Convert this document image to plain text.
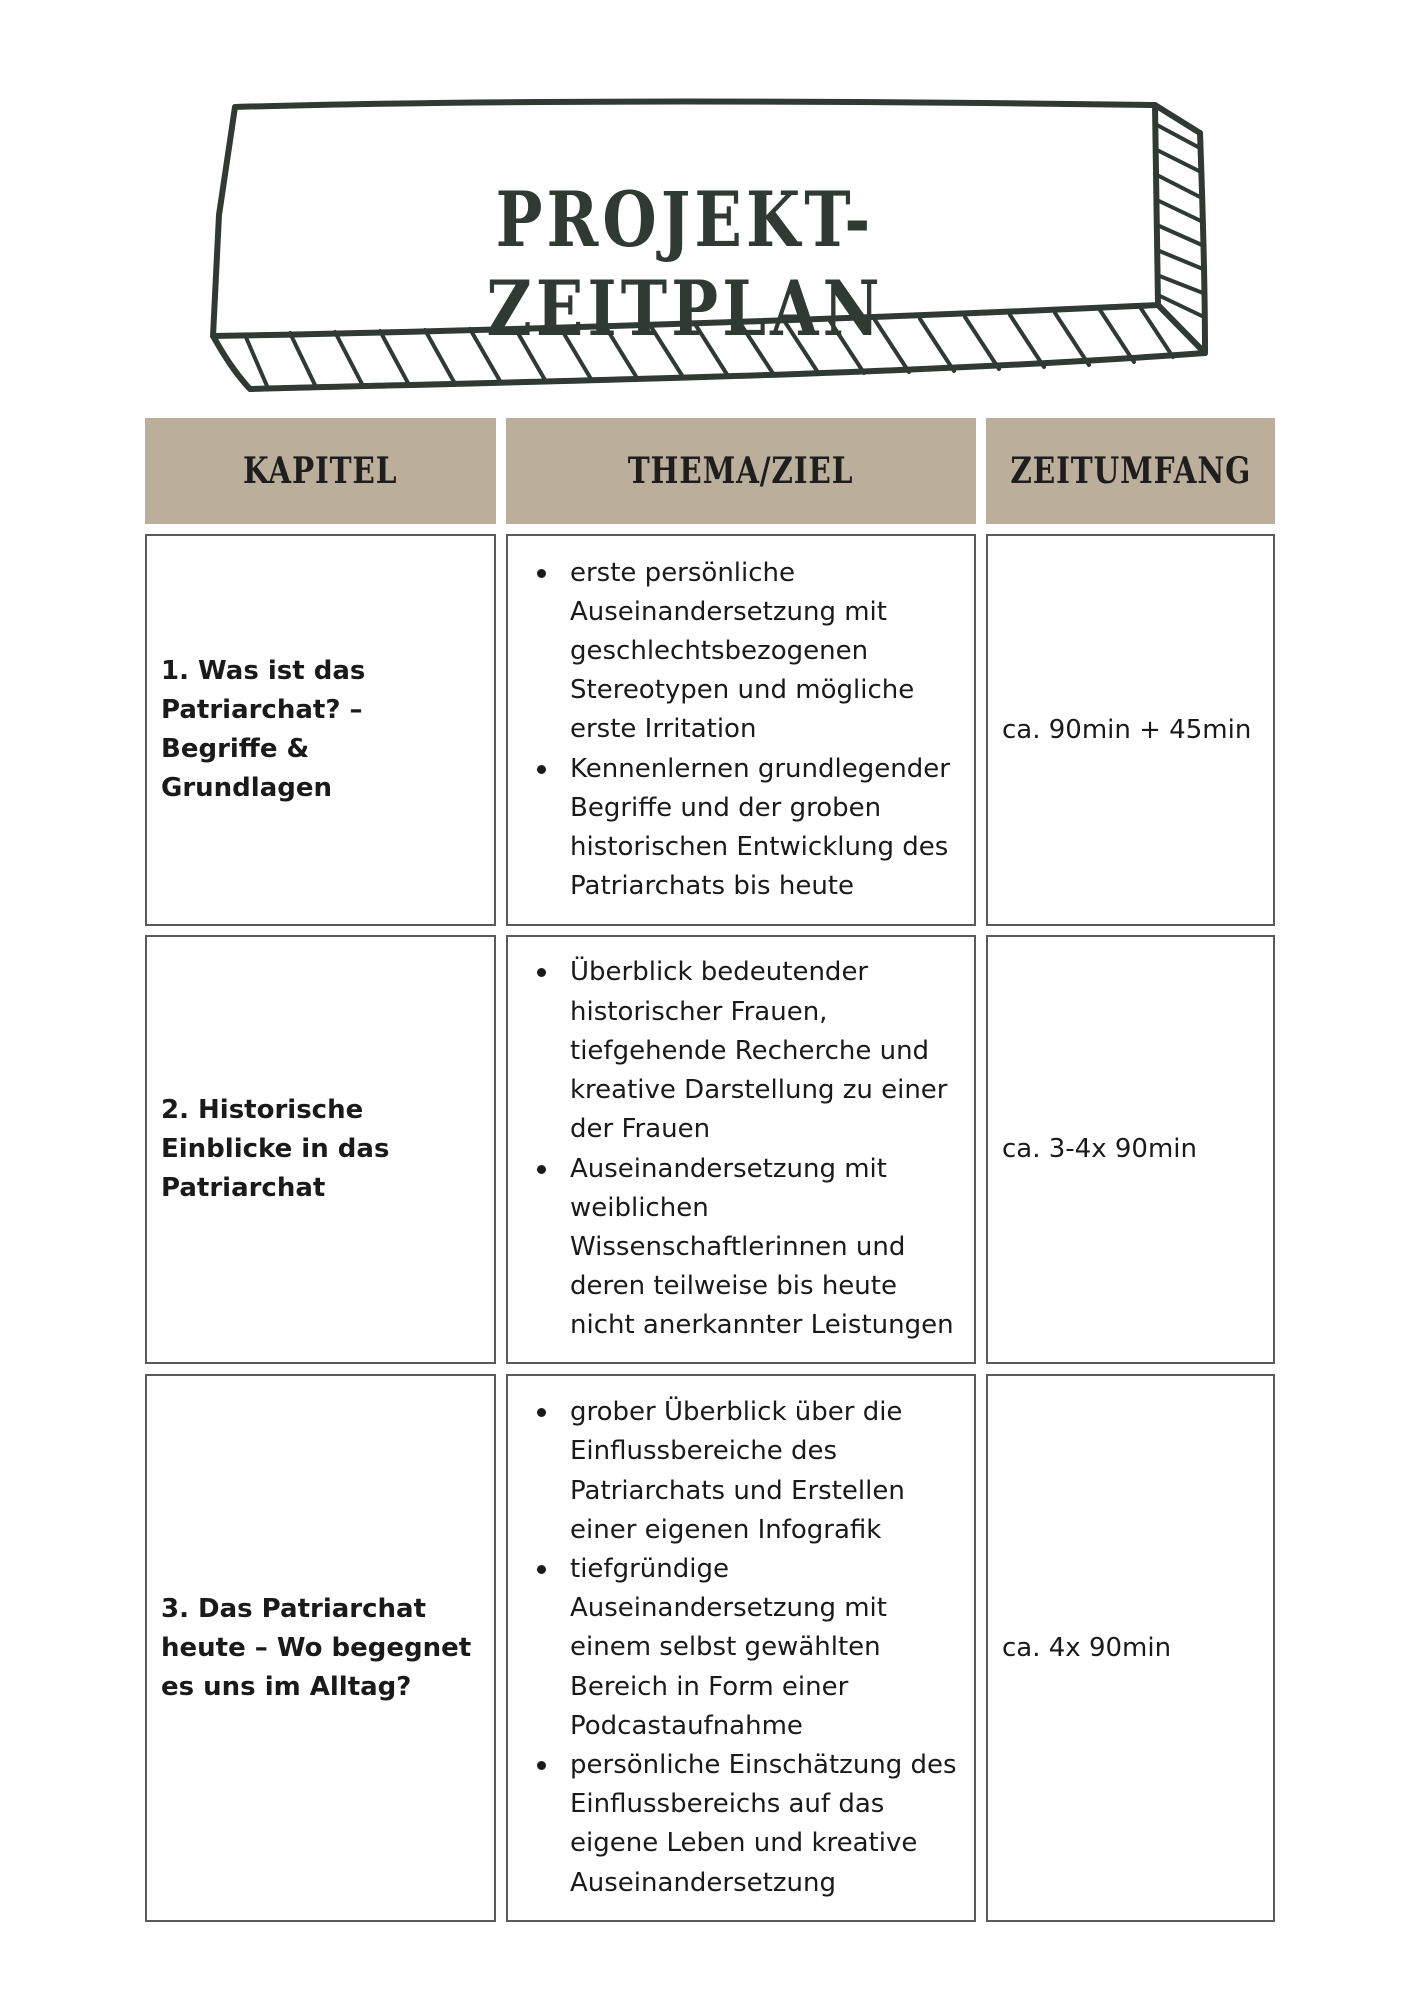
PROJEKT-ZEITPLAN
KAPITEL	THEMA/ZIEL	ZEITUMFANG
1. Was ist das Patriarchat? – Begriffe & Grundlagen
erste persönliche Auseinandersetzung mit geschlechtsbezogenen Stereotypen und mögliche erste Irritation
Kennenlernen grundlegender Begriffe und der groben historischen Entwicklung des Patriarchats bis heute
ca. 90min + 45min
2. Historische Einblicke in das Patriarchat
Überblick bedeutender historischer Frauen, tiefgehende Recherche und kreative Darstellung zu einer der Frauen
Auseinandersetzung mit weiblichen Wissenschaftlerinnen und deren teilweise bis heute nicht anerkannter Leistungen
ca. 3-4x 90min
3. Das Patriarchat heute – Wo begegnet es uns im Alltag?
grober Überblick über die Einflussbereiche des Patriarchats und Erstellen einer eigenen Infografik
tiefgründige Auseinandersetzung mit einem selbst gewählten Bereich in Form einer Podcastaufnahme
persönliche Einschätzung des Einflussbereichs auf das eigene Leben und kreative Auseinandersetzung
ca. 4x 90min
